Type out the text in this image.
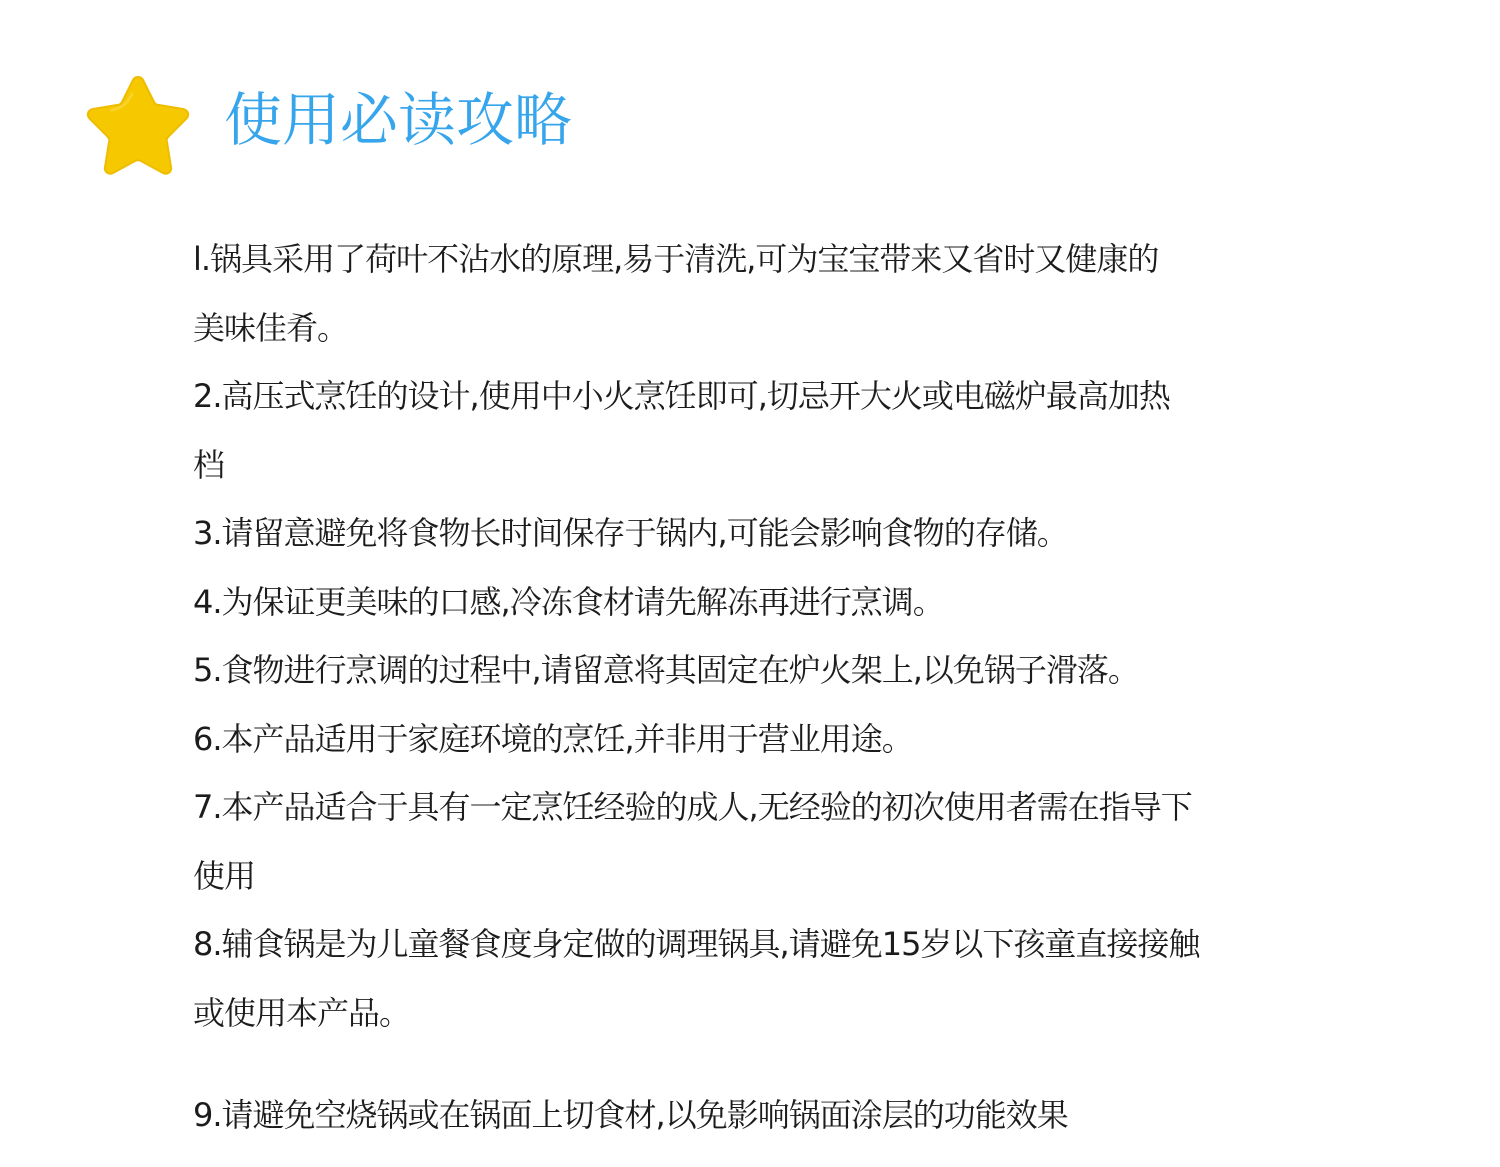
使用必读攻略
l.锅具采用了荷叶不沾水的原理,易于清洗,可为宝宝带来又省时又健康的
美味佳肴。
2.高压式烹饪的设计,使用中小火烹饪即可,切忌开大火或电磁炉最高加热
档
3.请留意避免将食物长时间保存于锅内,可能会影响食物的存储。
4.为保证更美味的口感,冷冻食材请先解冻再进行烹调。
5.食物进行烹调的过程中,请留意将其固定在炉火架上,以免锅子滑落。
6.本产品适用于家庭环境的烹饪,并非用于营业用途。
7.本产品适合于具有一定烹饪经验的成人,无经验的初次使用者需在指导下
使用
8.辅食锅是为儿童餐食度身定做的调理锅具,请避免15岁以下孩童直接接触
或使用本产品。
9.请避免空烧锅或在锅面上切食材,以免影响锅面涂层的功能效果
